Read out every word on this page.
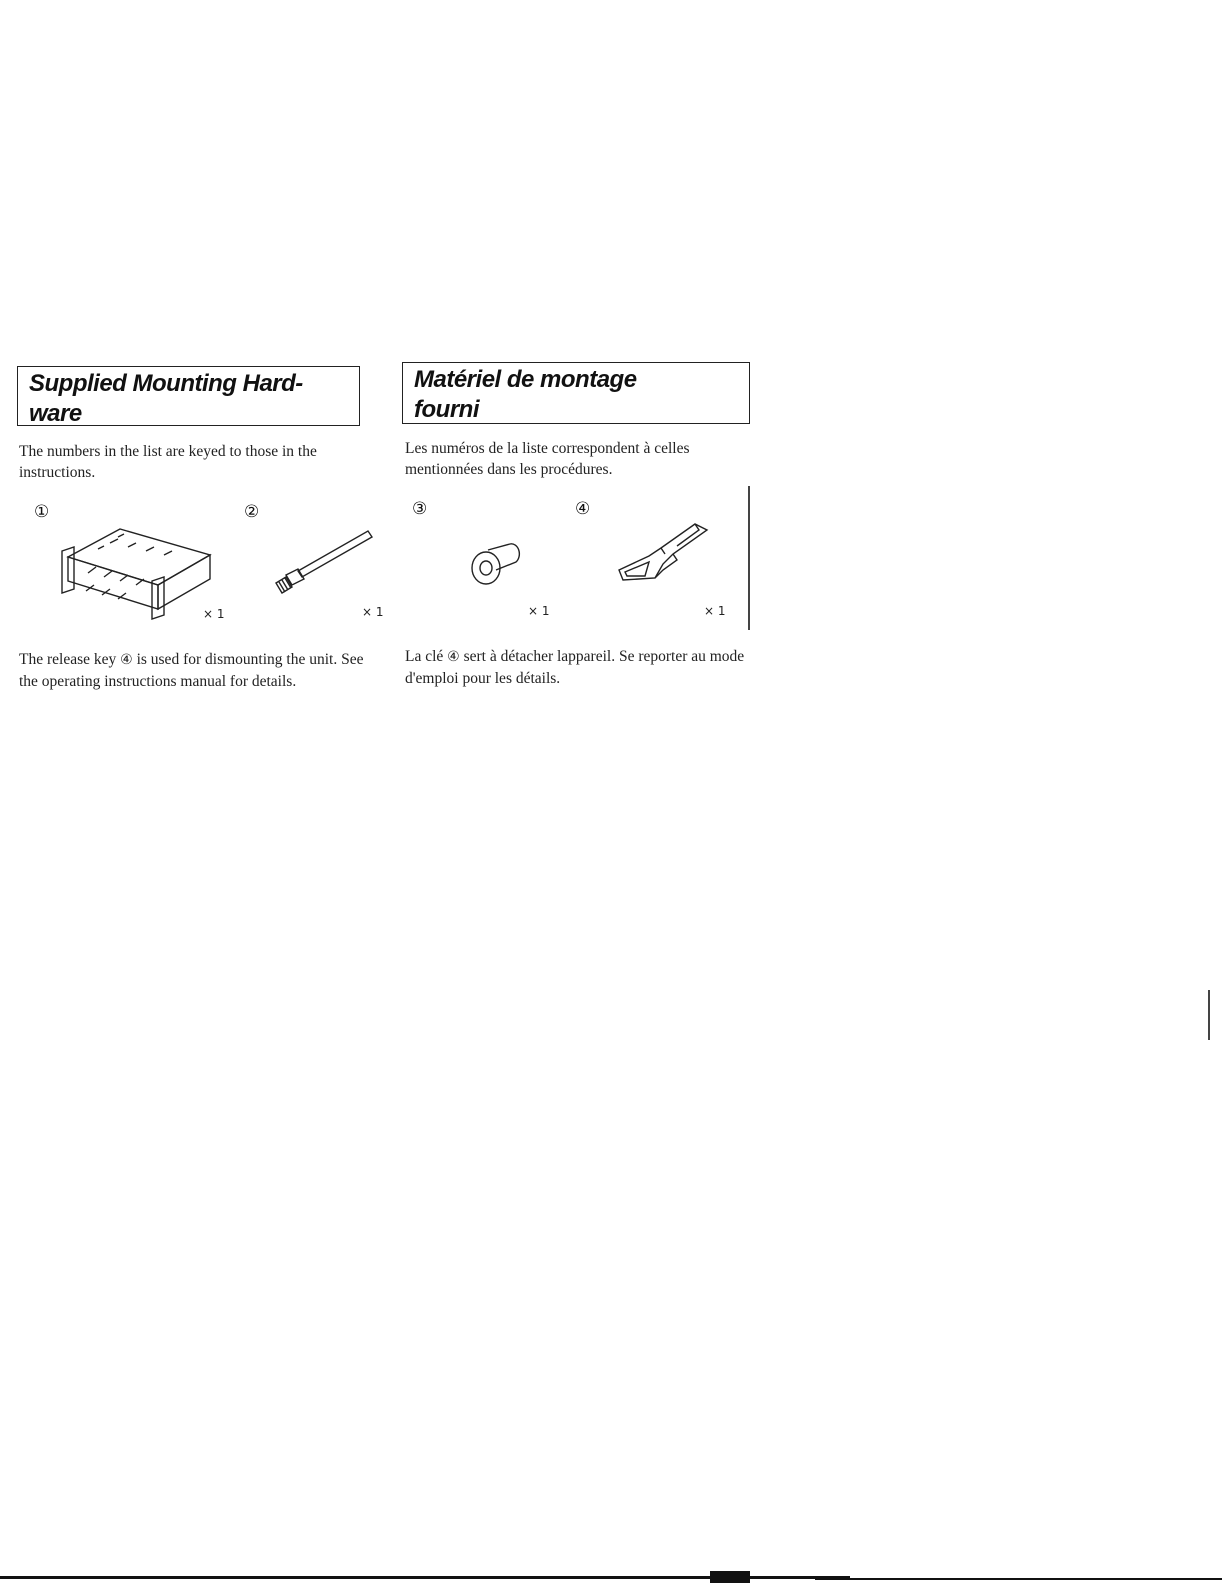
Supplied Mounting Hard-
ware
The numbers in the list are keyed to those in the instructions.
①	②
× 1	× 1
The release key ④ is used for dismounting the unit. See the operating instructions manual for details.
Matériel de montage
fourni
Les numéros de la liste correspondent à celles mentionnées dans les procédures.
③	④
× 1	× 1
La clé ④ sert à détacher lappareil. Se reporter au mode d'emploi pour les détails.
